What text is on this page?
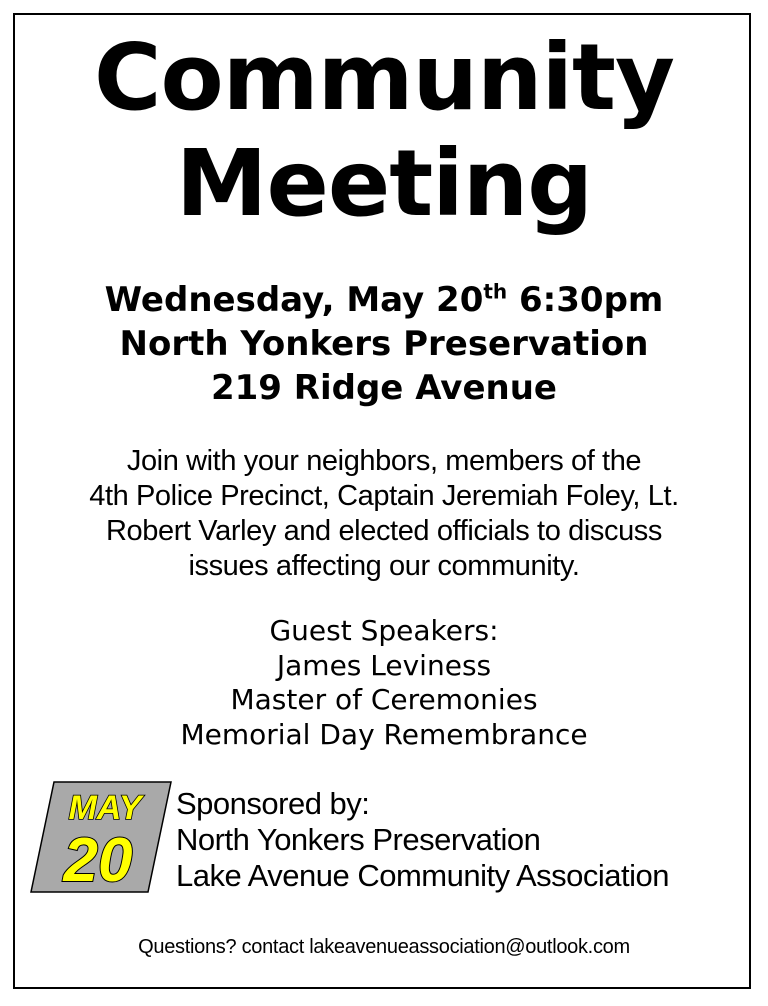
Community
Meeting
Wednesday, May 20th 6:30pm
North Yonkers Preservation
219 Ridge Avenue
Join with your neighbors, members of the
4th Police Precinct, Captain Jeremiah Foley, Lt.
Robert Varley and elected officials to discuss
issues affecting our community.
Guest Speakers:
James Leviness
Master of Ceremonies
Memorial Day Remembrance
MAY
20
Sponsored by:
North Yonkers Preservation
Lake Avenue Community Association
Questions? contact lakeavenueassociation@outlook.com
